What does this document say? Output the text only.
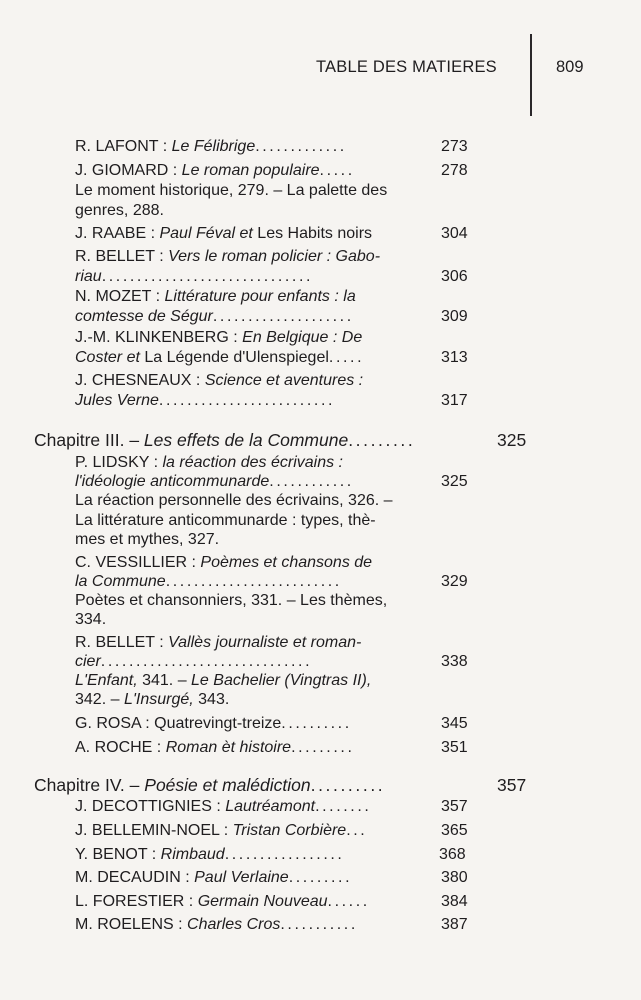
TABLE DES MATIERES	809
R. LAFONT : Le Félibrige.............	273
J. GIOMARD : Le roman populaire.....	278
Le moment historique, 279. – La palette des
genres, 288.
J. RAABE : Paul Féval et Les Habits noirs	304
R. BELLET : Vers le roman policier : Gabo-
riau..............................	306
N. MOZET : Littérature pour enfants : la
comtesse de Ségur....................	309
J.-M. KLINKENBERG : En Belgique : De
Coster et La Légende d'Ulenspiegel.....	313
J. CHESNEAUX : Science et aventures :
Jules Verne.........................	317
Chapitre III. – Les effets de la Commune.........	325
P. LIDSKY : la réaction des écrivains :
l'idéologie anticommunarde............	325
La réaction personnelle des écrivains, 326. –
La littérature anticommunarde : types, thè-
mes et mythes, 327.
C. VESSILLIER : Poèmes et chansons de
la Commune.........................	329
Poètes et chansonniers, 331. – Les thèmes,
334.
R. BELLET : Vallès journaliste et roman-
cier..............................	338
L'Enfant, 341. – Le Bachelier (Vingtras II),
342. – L'Insurgé, 343.
G. ROSA : Quatrevingt-treize..........	345
A. ROCHE : Roman èt histoire.........	351
Chapitre IV. – Poésie et malédiction..........	357
J. DECOTTIGNIES : Lautréamont........	357
J. BELLEMIN-NOEL : Tristan Corbière...	365
Y. BENOT : Rimbaud.................	368
M. DECAUDIN : Paul Verlaine.........	380
L. FORESTIER : Germain Nouveau......	384
M. ROELENS : Charles Cros...........	387
